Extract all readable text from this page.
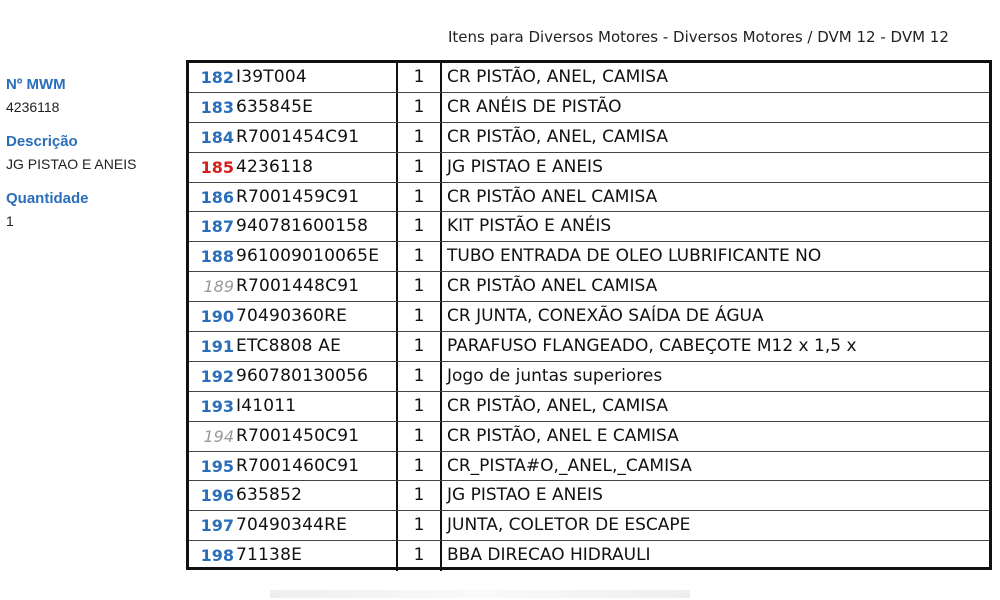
Nº MWM
4236118
Descrição
JG PISTAO E ANEIS
Quantidade
1
Itens para Diversos Motores - Diversos Motores / DVM 12 - DVM 12
182 I39T004	1	CR PISTÃO, ANEL, CAMISA
183 635845E	1	CR ANÉIS DE PISTÃO
184 R7001454C91	1	CR PISTÃO, ANEL, CAMISA
185 4236118	1	JG PISTAO E ANEIS
186 R7001459C91	1	CR PISTÃO ANEL CAMISA
187 940781600158	1	KIT PISTÃO E ANÉIS
188 961009010065E	1	TUBO ENTRADA DE OLEO LUBRIFICANTE NO
189 R7001448C91	1	CR PISTÃO ANEL CAMISA
190 70490360RE	1	CR JUNTA, CONEXÃO SAÍDA DE ÁGUA
191 ETC8808 AE	1	PARAFUSO FLANGEADO, CABEÇOTE M12 x 1,5 x
192 960780130056	1	Jogo de juntas superiores
193 I41011	1	CR PISTÃO, ANEL, CAMISA
194 R7001450C91	1	CR PISTÃO, ANEL E CAMISA
195 R7001460C91	1	CR_PISTA#O,_ANEL,_CAMISA
196 635852	1	JG PISTAO E ANEIS
197 70490344RE	1	JUNTA, COLETOR DE ESCAPE
198 71138E	1	BBA DIRECAO HIDRAULI
